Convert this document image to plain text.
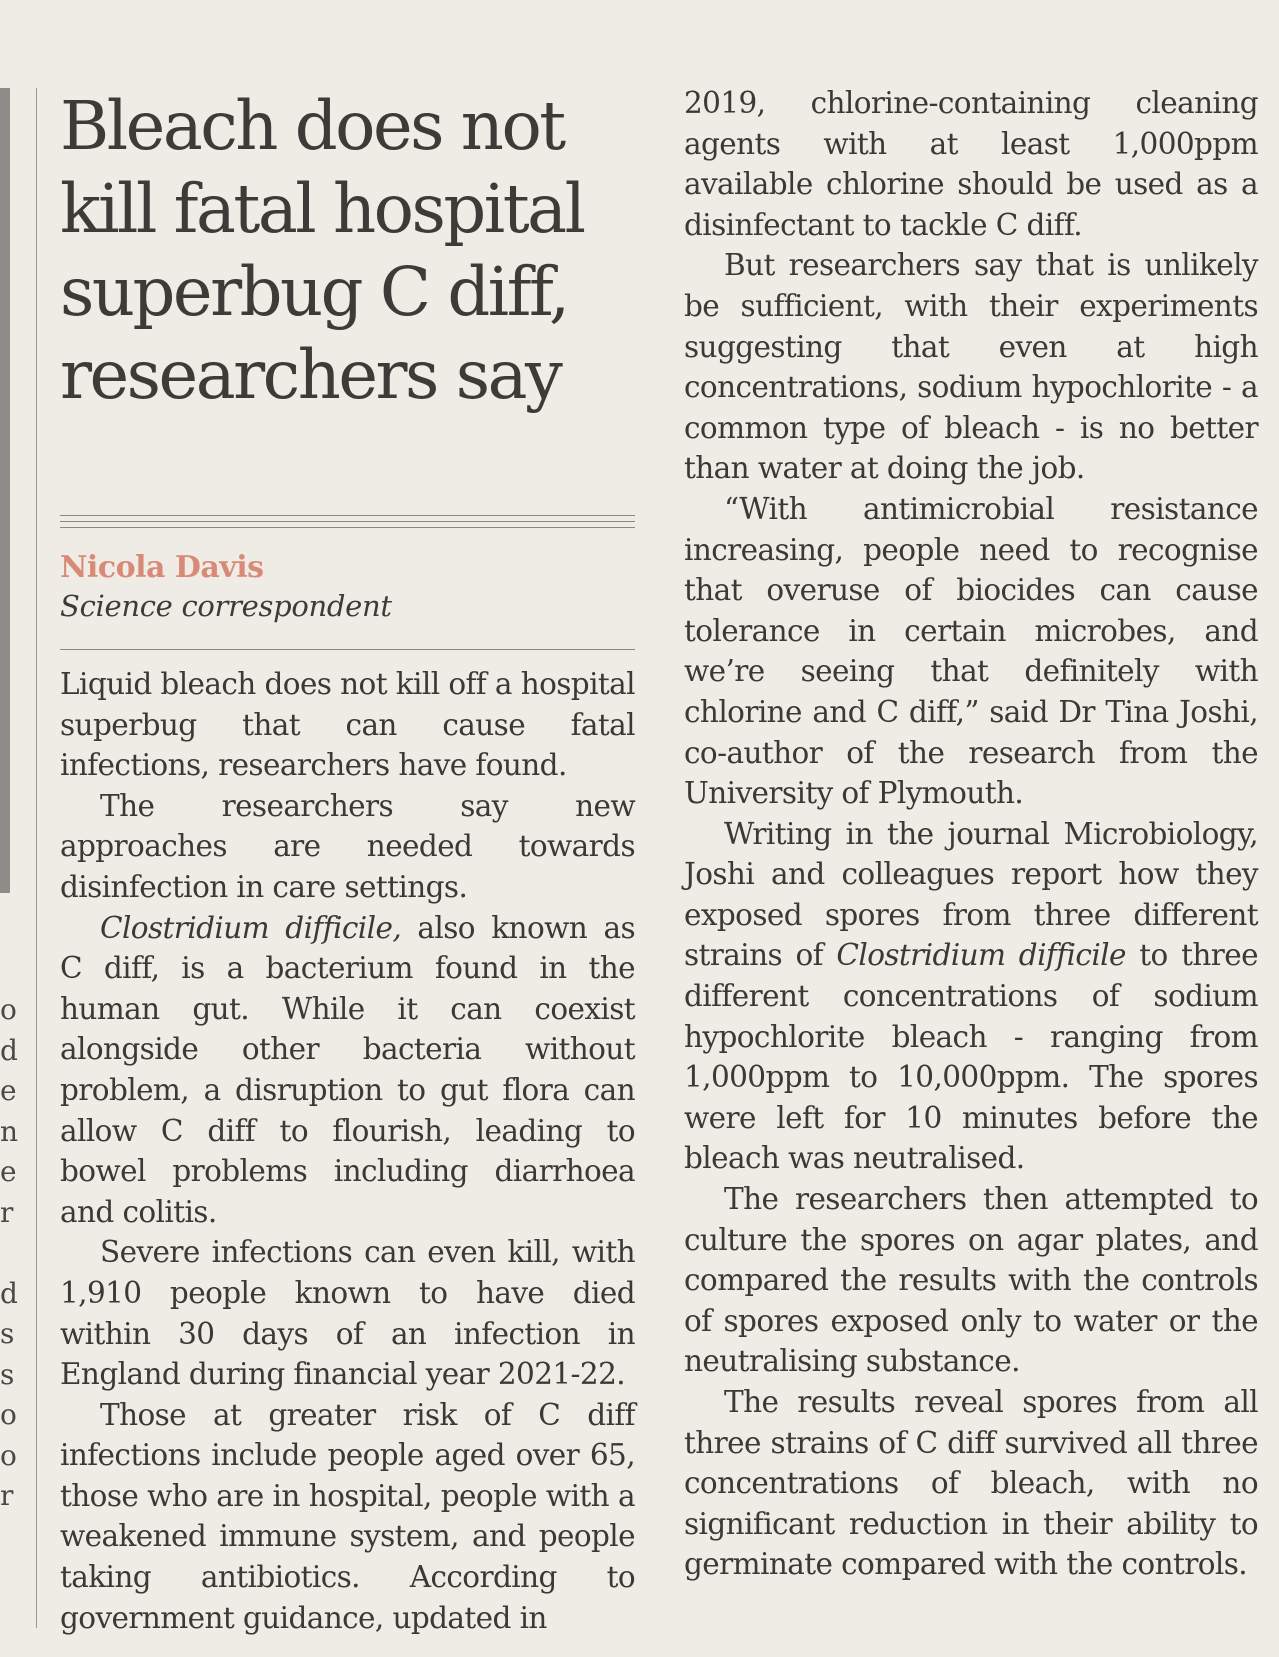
o
d
e
n
e
r
d
s
s
o
o
r
Bleach does not kill fatal hospital superbug C diff, researchers say
Nicola Davis
Science correspondent

Liquid bleach does not kill off a hospital superbug that can cause fatal infections, researchers have found.

The researchers say new approaches are needed towards disinfection in care settings.

Clostridium difficile, also known as C diff, is a bacterium found in the human gut. While it can coexist alongside other bacteria without problem, a disruption to gut flora can allow C diff to flourish, leading to bowel problems including diarrhoea and colitis.

Severe infections can even kill, with 1,910 people known to have died within 30 days of an infection in England during financial year 2021-22.

Those at greater risk of C diff infections include people aged over 65, those who are in hospital, people with a weakened immune system, and people taking antibiotics. According to government guidance, updated in

2019, chlorine-containing cleaning agents with at least 1,000ppm available chlorine should be used as a disinfectant to tackle C diff.

But researchers say that is unlikely be sufficient, with their experiments suggesting that even at high concentrations, sodium hypochlorite - a common type of bleach - is no better than water at doing the job.

“With antimicrobial resistance increasing, people need to recognise that overuse of biocides can cause tolerance in certain microbes, and we’re seeing that definitely with chlorine and C diff,” said Dr Tina Joshi, co-author of the research from the University of Plymouth.

Writing in the journal Microbiology, Joshi and colleagues report how they exposed spores from three different strains of Clostridium difficile to three different concentrations of sodium hypochlorite bleach - ranging from 1,000ppm to 10,000ppm. The spores were left for 10 minutes before the bleach was neutralised.

The researchers then attempted to culture the spores on agar plates, and compared the results with the controls of spores exposed only to water or the neutralising substance.

The results reveal spores from all three strains of C diff survived all three concentrations of bleach, with no significant reduction in their ability to germinate compared with the controls.
